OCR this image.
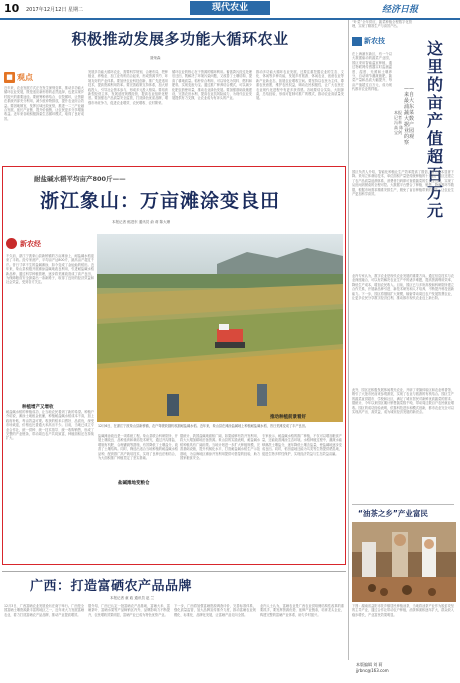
10 2017年12月12日 星期二	现代农业	经济日报
积极推动发展多功能大循环农业
聂荣森
■ 观点
近年来，农业发展方式正在发生深刻变革，推动多功能大循环农业发展，既是适应新形势的必然选择，也是实现乡村振兴的重要途径。要统筹种养结合、农牧循环，让资源在系统内部充分利用，减少废弃物排放，提升农业综合效益。要因地制宜，发挥区域比较优势，推进一二三产业融合发展，延长产业链、提升价值链，让农民更多分享增值收益。近年来各地积极探索生态循环模式，取得了良好成效。
发展多功能大循环农业，需要科学规划，合理布局，把种植业、养殖业、加工业有机结合起来，形成资源节约、环境友好的产业体系。要加快农业科技创新，推广先进适用技术，提高资源利用效率。要完善政策支持体系，加大财政投入，引导社会资本参与，形成多元投入格局。要培育新型经营主体，发展适度规模经营，提高农业组织化程度。要加强农产品质量安全监管，打造绿色优质品牌，增强市场竞争力，促进农业增效、农民增收、农村繁荣。
循环农业的核心在于资源的循环利用。畜禽粪污经过处理后还田，既解决了环境污染问题，又改善了土壤结构，提高了耕地质量。秸秆综合利用，可以转化为饲料、燃料和肥料，实现变废为宝。通过推广种养结合模式，可以减少化肥农药使用量，推动农业绿色发展。要加强基础设施建设，完善农田水利，提高农业抗风险能力，为现代农业发展提供有力支撑，让农业成为有奔头的产业。
推动多功能大循环农业发展，还要注重挖掘农业的生态、文化、休闲等多种功能，发展乡村旅游、休闲农业、创意农业等新产业新业态，拓展农业增收空间。要坚持以农民为主体，尊重农民意愿，维护农民权益，调动农民积极性，让广大农民在农业现代化进程中有更多获得感。各地要结合实际，大胆探索，总结经验，形成可复制可推广的模式，推动农业高质量发展。
“叶菜”全年供应，蔬菜种植全程数字化管理，实现了精准生产与高效产出。
新农技	这
里
的
亩
产
值
超
百
万
元
——来自最大浦东蔬菜大数据产业园的观察
本报记者 冯举高 陈宝剑
在上海浦东新区，有一个以大数据驱动的蔬菜产业园，园区采用智能温室种植，通过物联网传感器实时监测温度、湿度、光照和土壤养分，自动调节灌溉施肥，蔬菜产量和品质大幅提升，每亩产值超过百万元，成为现代都市农业的样板。
园区负责人介绍，智能化种植让生产效率提高了数倍，用工成本显著下降。采用立体栽培技术，单位面积产量是传统种植的十几倍。园区还建立了农产品质量追溯体系，消费者扫码即可查看蔬菜的生长全过程，实现了从田间到餐桌的全程可控。大数据平台整合了种植、销售、物流等环节数据，根据市场需求精准安排生产，避免了盲目种植带来的损失，让农业生产更加科学高效。
业内专家认为，数字农业是现代农业发展的重要方向。通过信息技术与农业深度融合，可以有效解决农业生产中的诸多难题，提高资源利用效率，降低生产成本，增加农民收入。目前，园区已与多所高校和科研院所建立合作关系，开展新品种引进、新技术研发和人才培养，不断提升科技创新能力。下一步，园区将继续扩大规模，辐射带动周边农户发展智慧农业，让更多农民分享数字经济红利，推动都市现代农业迈上新台阶。
此外，园区还积极发展休闲观光农业，开辟了采摘体验区和农业科普馆，吸引了大批市民前来参观游览，实现了农业与旅游的有机结合。园区生产的蔬菜直供超市、学校和社区，满足了城市居民对新鲜优质蔬菜的需求。据统计，今年以来园区累计销售蔬菜数千吨，带动周边数百户农民就业增收。园区的成功经验表明，依靠科技进步和模式创新，都市农业完全可以实现高产出、高效益，成为城市经济发展的新亮点。
“油茶之乡”产业富民
下图：湖南省益阳市扶乡镇居民种植油茶，当地将油茶产业作为脱贫攻坚的主导产业，通过合作社带动农户种植，油茶林面积逐年扩大，群众收入稳步增长，产业富民效果明显。
本版编辑 刘 莉
jjrbnc@163.com
耐盐碱水稻平均亩产800斤——
浙江象山：万亩滩涂变良田
本报记者 郁进东 通讯员 俞 莉 陈大珊
新农经
12月6日，在浙江宁波象山县新桥镇，农户驾驶收割机收割耐盐碱水稻。近年来，象山县在滩涂盐碱地上种植耐盐碱水稻，昔日荒滩变成了丰产良田。
不久前，浙江宁波象山县新桥镇的万亩滩涂上，耐盐碱水稻迎来了丰收。经专家测产，平均亩产达800斤，最高亩产超过千斤。昔日寸草不生的盐碱滩涂，如今变成了金灿灿的稻田。近年来，象山县积极开展滩涂盐碱地改良利用，引进耐盐碱水稻新品种，通过科学种植管理，逐步将荒滩改造成了高产良田，为保障粮食安全探索出一条新路子，取得了良好的经济效益和社会效益，受到各方关注。
种植增产又增收
耐盐碱水稻的种植成功，让当地农民看到了新的希望。种植户介绍说，滩涂土地租金低廉，种植耐盐碱水稻成本不高，加上政府补贴，每亩效益可观。收获的稻米口感好、品质优，深受市场欢迎，价格也比普通大米高出不少。目前，当地已成立专业合作社，统一供种、统一技术指导、统一收购销售，形成了完整的产业链条，带动周边农户共同致富，种植面积还在持续扩大。
盐碱滩涂改良是一项系统工程。象山县联合科研院所，开展土壤改良、品种选育和栽培技术研究，通过开沟排盐、增施有机肥、合理灌溉等措施，有效降低了土壤盐分，改善了土壤结构。同时，筛选出适合当地种植的耐盐碱水稻品种，配套推广高产栽培技术，实现了良种良法相结合，为大面积推广种植奠定了坚实基础。
盐碱滩地变粮仓
据统计，我国盐碱地面积广阔，如果能够有效开发利用，将大大增加耕地后备资源。象山县的实践表明，耐盐碱水稻种植具有广阔前景。当地计划进一步扩大种植规模，完善基础设施，提升机械化水平，打造耐盐碱水稻生产示范基地，为沿海地区滩涂开发利用提供可借鉴的经验，助力国家粮食安全。
专家表示，耐盐碱水稻的推广种植，不仅可以增加粮食产量，还能改善滩涂生态环境。水稻种植过程中，灌溉水能够淋洗土壤盐分，逐年降低土壤含盐量，使盐碱地逐步变成良田。同时，稻田湿地还能为鸟类等生物提供栖息地，促进生物多样性保护，实现经济效益与生态效益双赢。
推动种植前景看好
广西：打造富硒农产品品牌
本报记者 童 政 通讯员 赵 兰
12月3日，广西富硒农业发展论坛在南宁举行。广西是全国富硒土壤资源最丰富的地区之一，近年来大力发展富硒农业，着力打造富硒农产品品牌，推动产业提质增效。
据介绍，广西已认定一批富硒农产品基地，富硒大米、富硒茶叶、富硒水果等产品畅销区内外，品牌影响力不断提升，农民增收效果明显，富硒产业已成为特色优势产业。
下一步，广西将加强富硒资源调查评价，完善标准体系，强化质量监管，加大品牌宣传推介力度，推动富硒农业规模化、标准化、品牌化发展，让富硒产品走向全国。
业内人士认为，富硒农业是广西农业供给侧结构性改革的重要抓手，要发挥资源优势，延伸产业链条，培育龙头企业，构建完整的富硒产业体系，助力乡村振兴。
